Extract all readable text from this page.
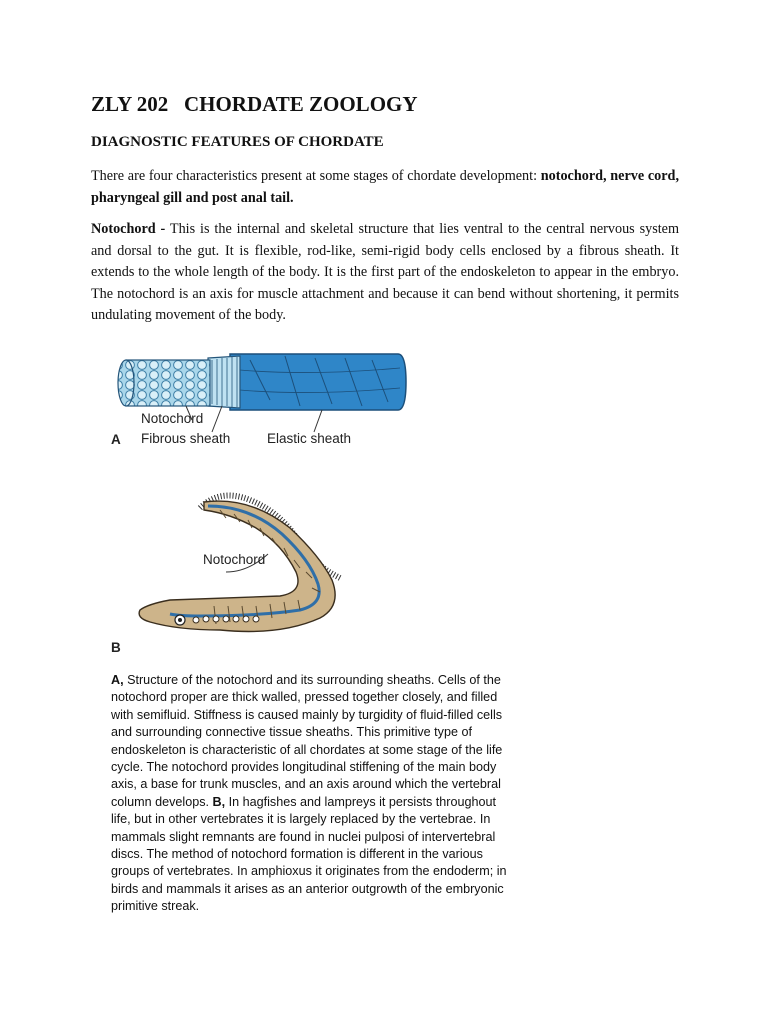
ZLY 202   CHORDATE ZOOLOGY
DIAGNOSTIC FEATURES OF CHORDATE
There are four characteristics present at some stages of chordate development: notochord, nerve cord, pharyngeal gill and post anal tail.
Notochord - This is the internal and skeletal structure that lies ventral to the central nervous system and dorsal to the gut. It is flexible, rod-like, semi-rigid body cells enclosed by a fibrous sheath. It extends to the whole length of the body. It is the first part of the endoskeleton to appear in the embryo. The notochord is an axis for muscle attachment and because it can bend without shortening, it permits undulating movement of the body.
Notochord
Fibrous sheath	Elastic sheath
A
Notochord
B
A, Structure of the notochord and its surrounding sheaths. Cells of the
notochord proper are thick walled, pressed together closely, and filled
with semifluid. Stiffness is caused mainly by turgidity of fluid-filled cells
and surrounding connective tissue sheaths. This primitive type of
endoskeleton is characteristic of all chordates at some stage of the life
cycle. The notochord provides longitudinal stiffening of the main body
axis, a base for trunk muscles, and an axis around which the vertebral
column develops. B, In hagfishes and lampreys it persists throughout
life, but in other vertebrates it is largely replaced by the vertebrae. In
mammals slight remnants are found in nuclei pulposi of intervertebral
discs. The method of notochord formation is different in the various
groups of vertebrates. In amphioxus it originates from the endoderm; in
birds and mammals it arises as an anterior outgrowth of the embryonic
primitive streak.
